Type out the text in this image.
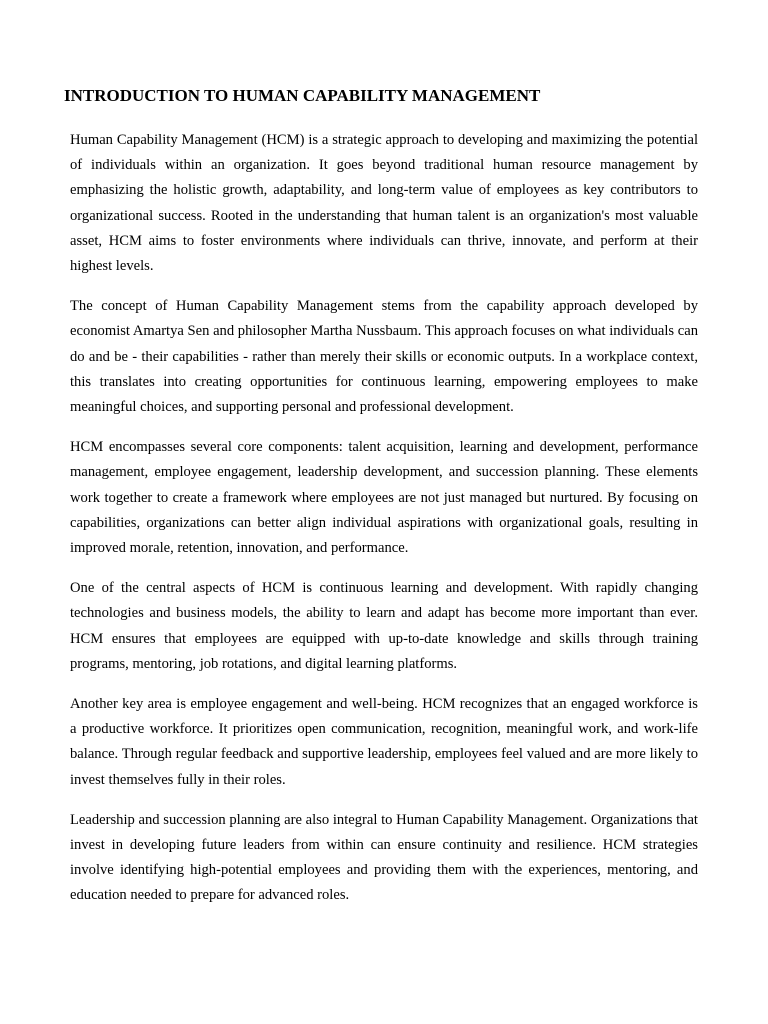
INTRODUCTION TO HUMAN CAPABILITY MANAGEMENT

Human Capability Management (HCM) is a strategic approach to developing and maximizing the potential of individuals within an organization. It goes beyond traditional human resource management by emphasizing the holistic growth, adaptability, and long-term value of employees as key contributors to organizational success. Rooted in the understanding that human talent is an organization's most valuable asset, HCM aims to foster environments where individuals can thrive, innovate, and perform at their highest levels.

The concept of Human Capability Management stems from the capability approach developed by economist Amartya Sen and philosopher Martha Nussbaum. This approach focuses on what individuals can do and be - their capabilities - rather than merely their skills or economic outputs. In a workplace context, this translates into creating opportunities for continuous learning, empowering employees to make meaningful choices, and supporting personal and professional development.

HCM encompasses several core components: talent acquisition, learning and development, performance management, employee engagement, leadership development, and succession planning. These elements work together to create a framework where employees are not just managed but nurtured. By focusing on capabilities, organizations can better align individual aspirations with organizational goals, resulting in improved morale, retention, innovation, and performance.

One of the central aspects of HCM is continuous learning and development. With rapidly changing technologies and business models, the ability to learn and adapt has become more important than ever. HCM ensures that employees are equipped with up-to-date knowledge and skills through training programs, mentoring, job rotations, and digital learning platforms.

Another key area is employee engagement and well-being. HCM recognizes that an engaged workforce is a productive workforce. It prioritizes open communication, recognition, meaningful work, and work-life balance. Through regular feedback and supportive leadership, employees feel valued and are more likely to invest themselves fully in their roles.

Leadership and succession planning are also integral to Human Capability Management. Organizations that invest in developing future leaders from within can ensure continuity and resilience. HCM strategies involve identifying high-potential employees and providing them with the experiences, mentoring, and education needed to prepare for advanced roles.
